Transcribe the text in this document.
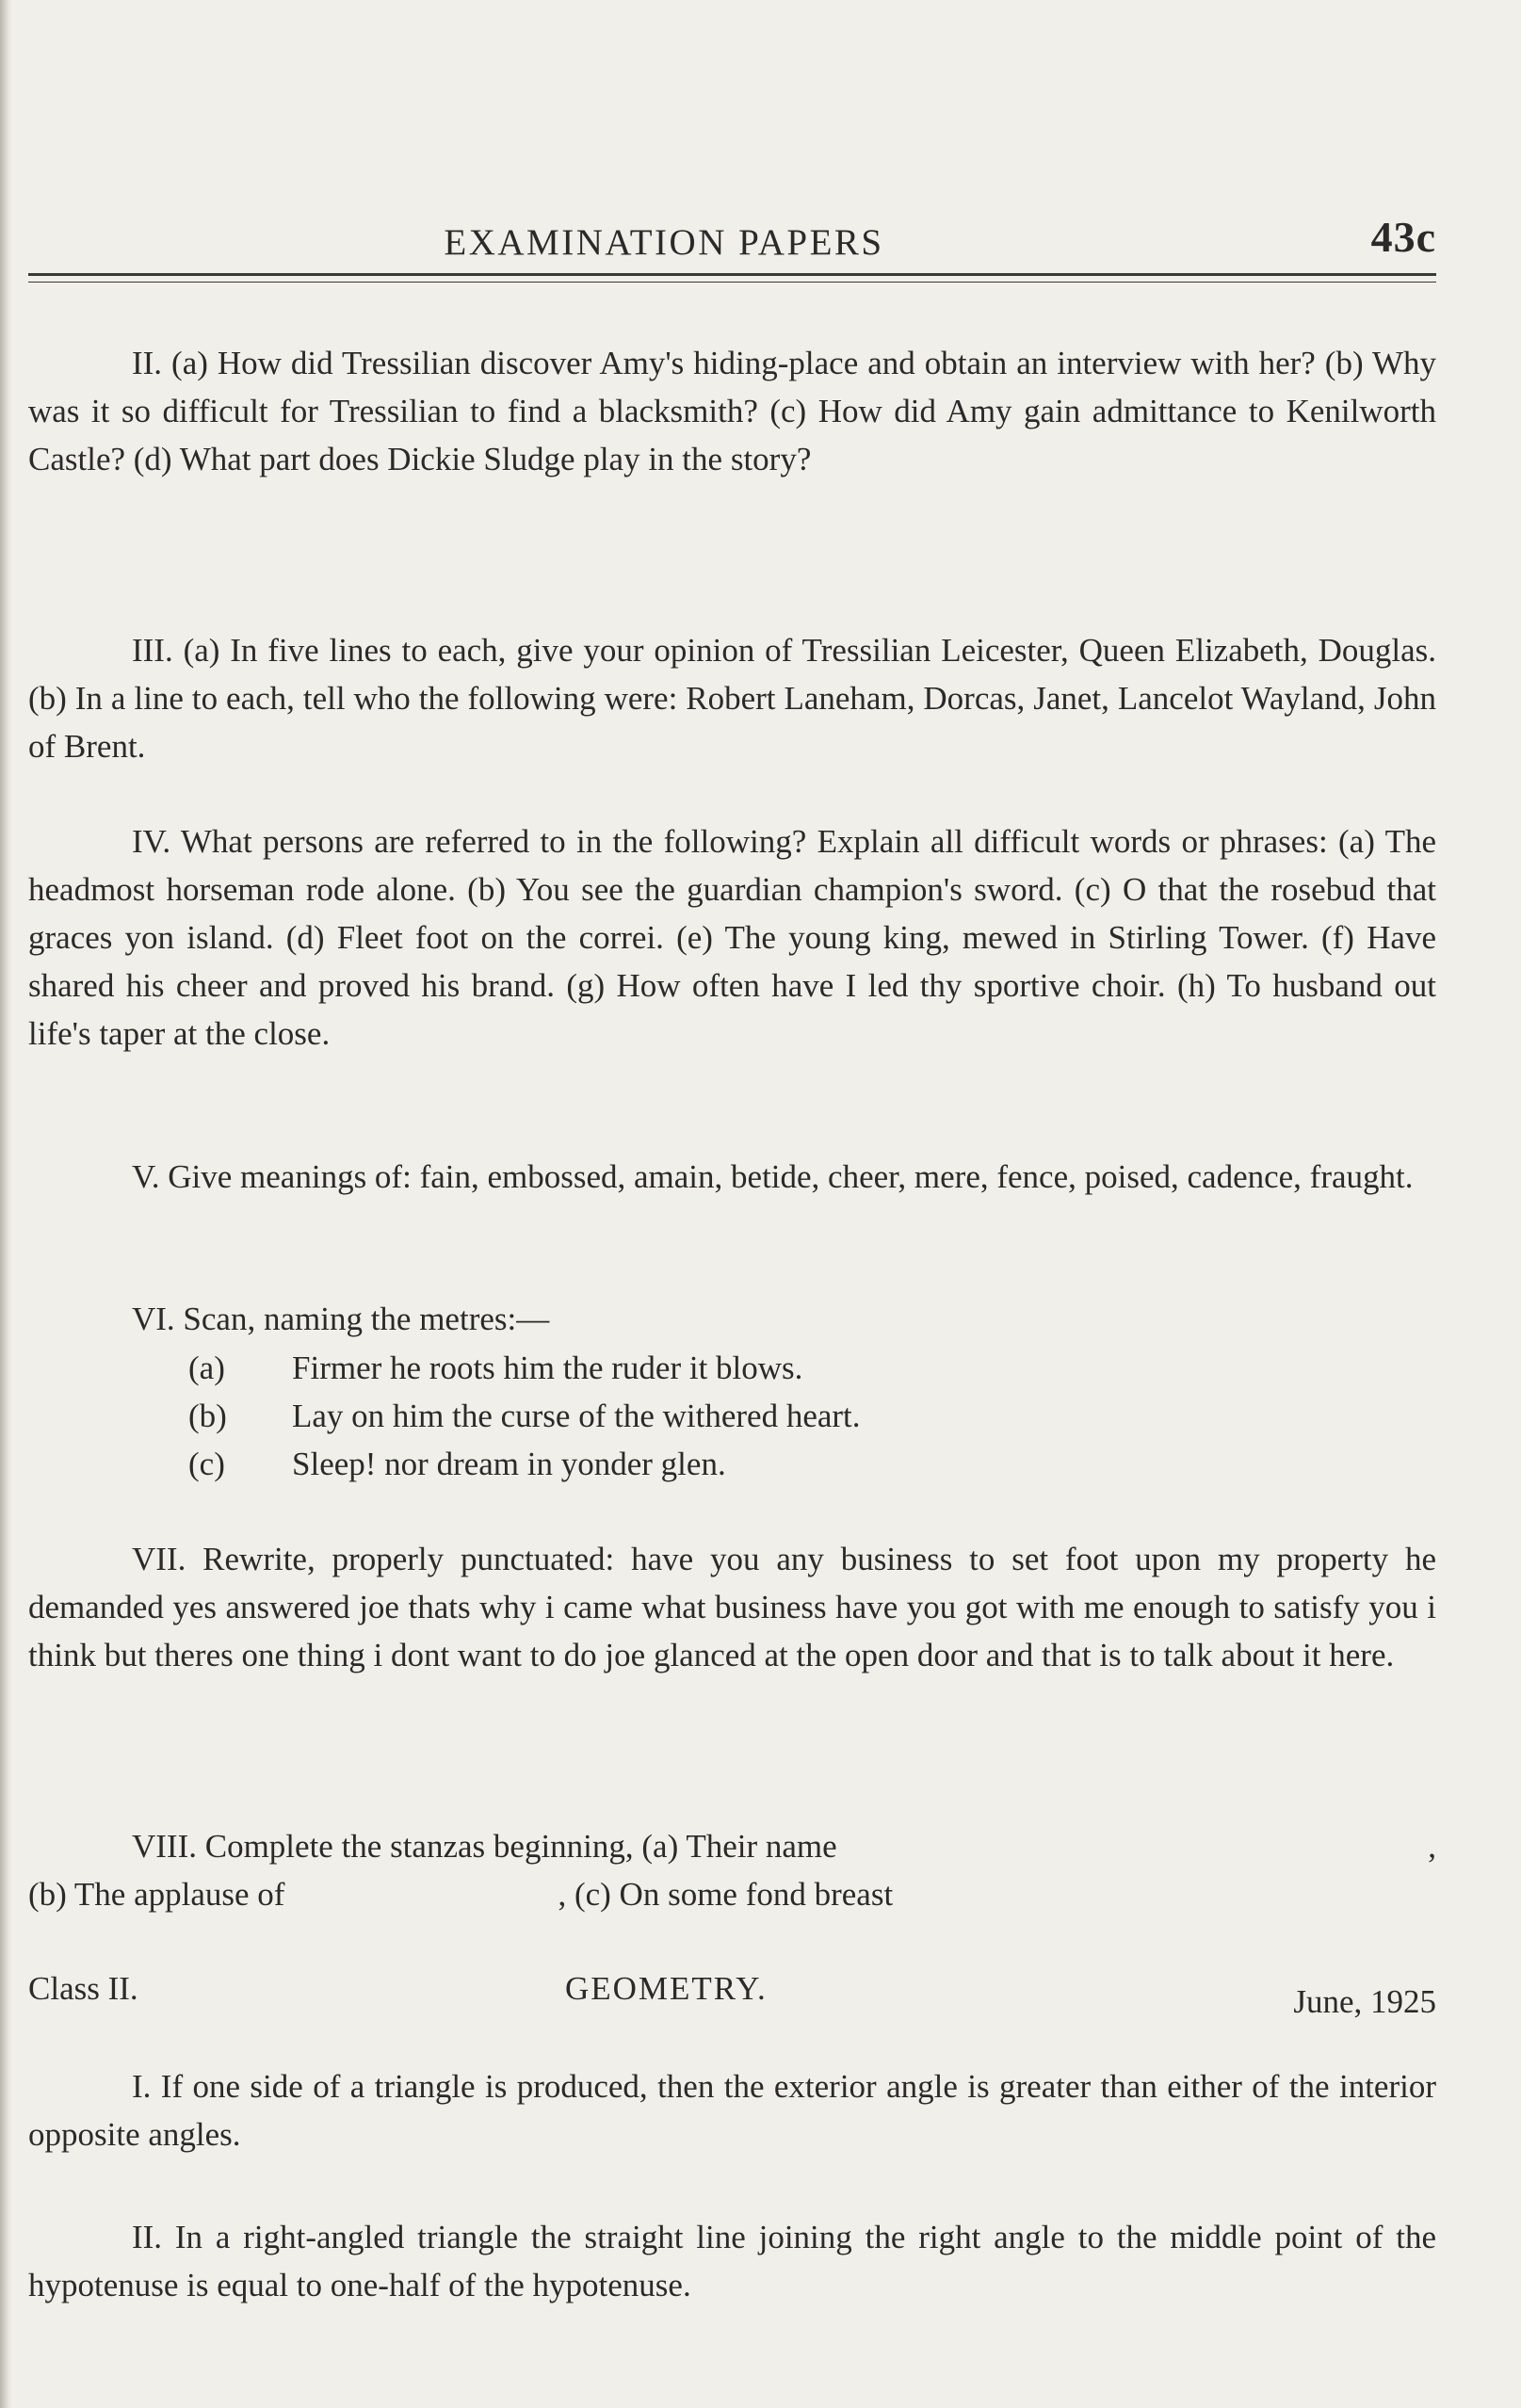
EXAMINATION PAPERS	43c

II. (a) How did Tressilian discover Amy's hiding-place and obtain an interview with her? (b) Why was it so difficult for Tressilian to find a blacksmith? (c) How did Amy gain admittance to Kenilworth Castle? (d) What part does Dickie Sludge play in the story?

III. (a) In five lines to each, give your opinion of Tressilian Leicester, Queen Elizabeth, Douglas. (b) In a line to each, tell who the following were: Robert Laneham, Dorcas, Janet, Lancelot Wayland, John of Brent.

IV. What persons are referred to in the following? Explain all difficult words or phrases: (a) The headmost horseman rode alone. (b) You see the guardian champion's sword. (c) O that the rosebud that graces yon island. (d) Fleet foot on the correi. (e) The young king, mewed in Stirling Tower. (f) Have shared his cheer and proved his brand. (g) How often have I led thy sportive choir. (h) To husband out life's taper at the close.

V. Give meanings of: fain, embossed, amain, betide, cheer, mere, fence, poised, cadence, fraught.

VI. Scan, naming the metres:—

(a) Firmer he roots him the ruder it blows.
(b) Lay on him the curse of the withered heart.
(c) Sleep! nor dream in yonder glen.

VII. Rewrite, properly punctuated: have you any business to set foot upon my property he demanded yes answered joe thats why i came what business have you got with me enough to satisfy you i think but theres one thing i dont want to do joe glanced at the open door and that is to talk about it here.

VIII. Complete the stanzas beginning, (a) Their name	,

(b) The applause of	, (c) On some fond breast
Class II.	GEOMETRY.	June, 1925

I. If one side of a triangle is produced, then the exterior angle is greater than either of the interior opposite angles.

II. In a right-angled triangle the straight line joining the right angle to the middle point of the hypotenuse is equal to one-half of the hypotenuse.
